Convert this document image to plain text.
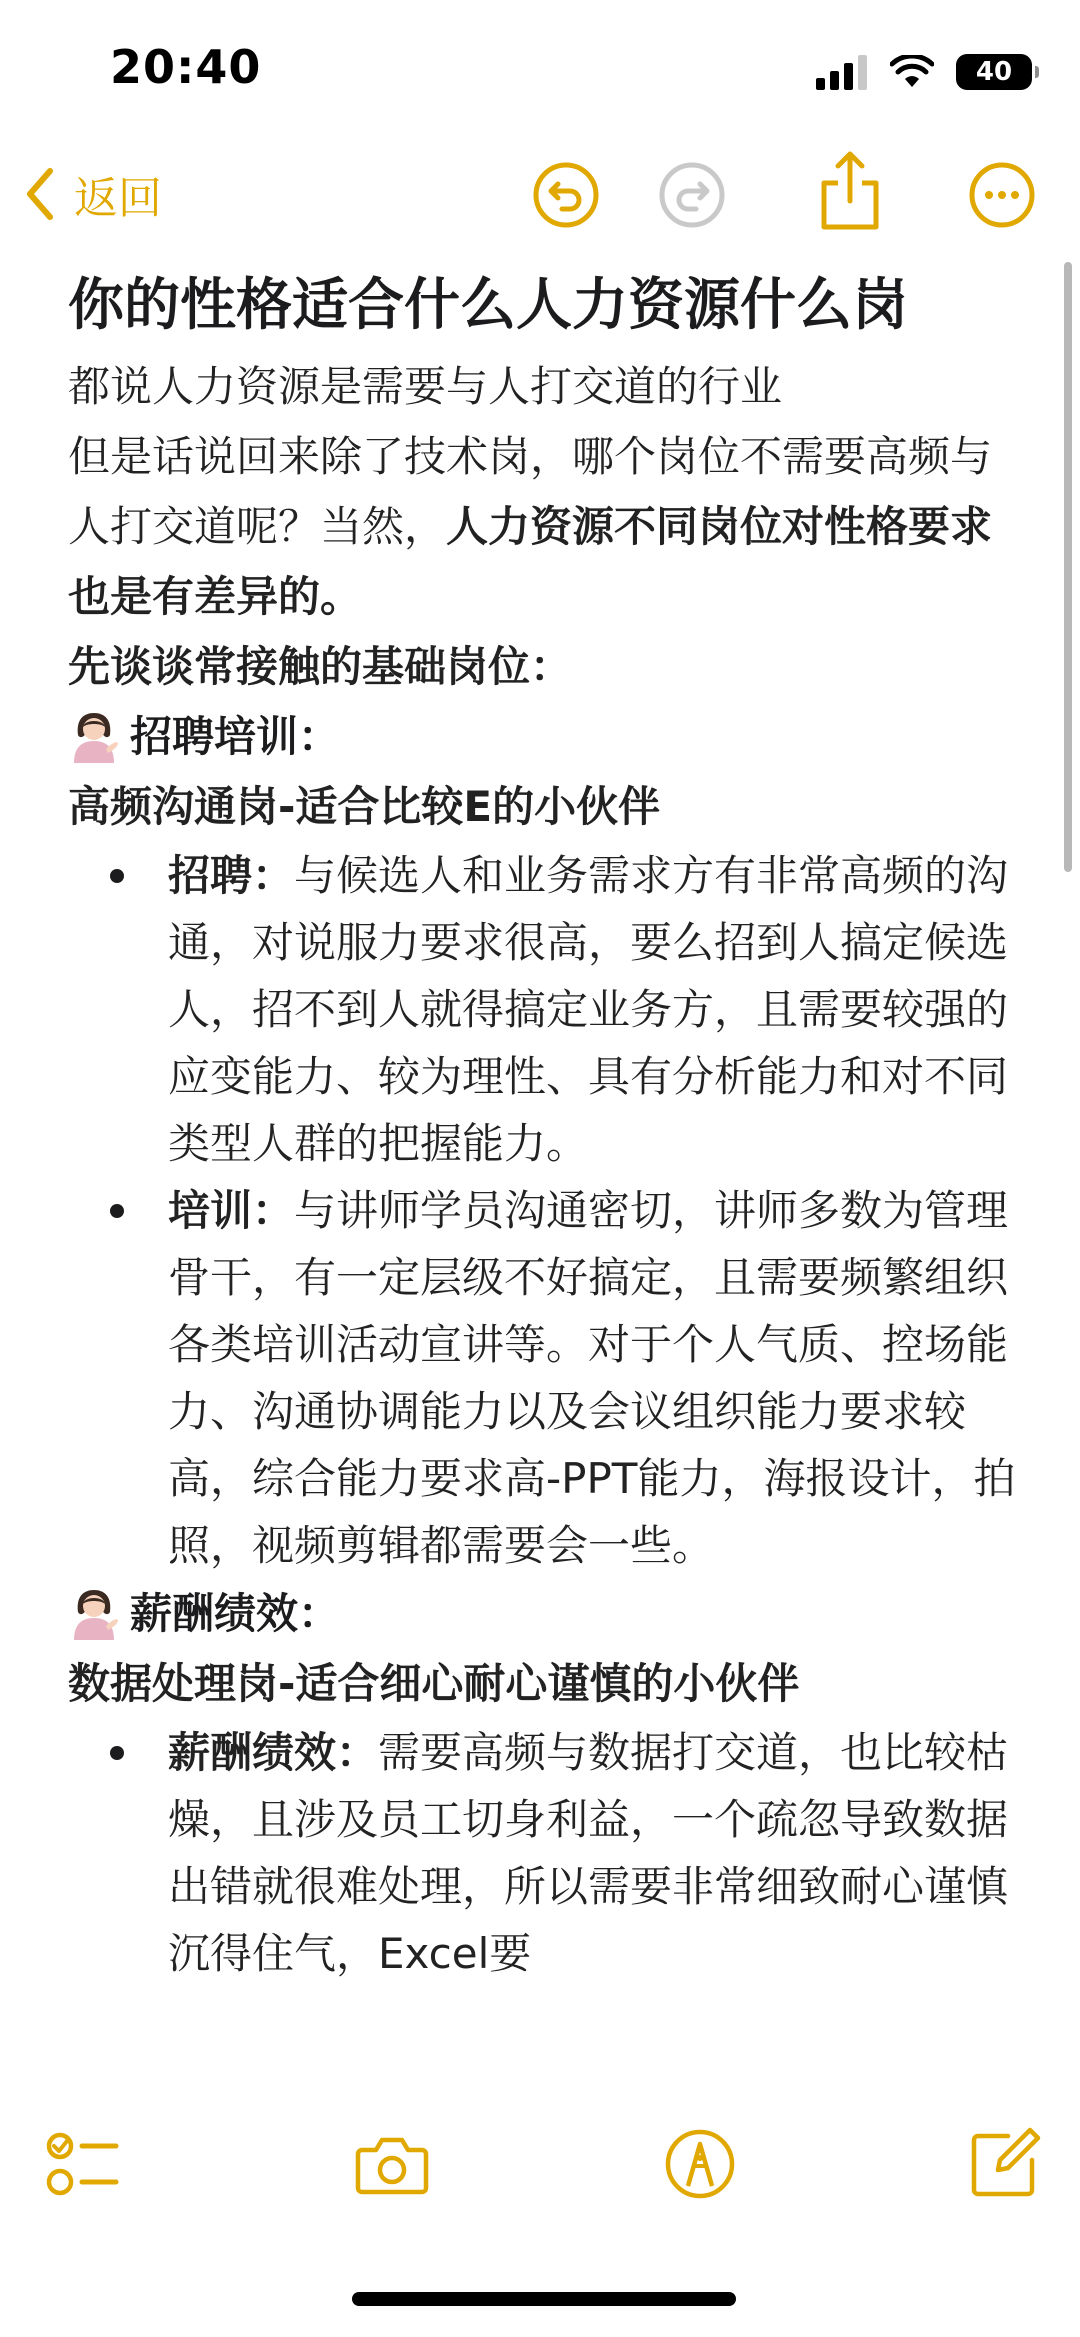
20:40	40
返回
你的性格适合什么人力资源什么岗

都说人力资源是需要与人打交道的行业

但是话说回来除了技术岗，哪个岗位不需要高频与人打交道呢？当然，人力资源不同岗位对性格要求也是有差异的。

先谈谈常接触的基础岗位：

招聘培训：

高频沟通岗-适合比较E的小伙伴

招聘：与候选人和业务需求方有非常高频的沟通，对说服力要求很高，要么招到人搞定候选人，招不到人就得搞定业务方，且需要较强的应变能力、较为理性、具有分析能力和对不同类型人群的把握能力。
培训：与讲师学员沟通密切，讲师多数为管理骨干，有一定层级不好搞定，且需要频繁组织各类培训活动宣讲等。对于个人气质、控场能力、沟通协调能力以及会议组织能力要求较高，综合能力要求高-PPT能力，海报设计，拍照，视频剪辑都需要会一些。
薪酬绩效：

数据处理岗-适合细心耐心谨慎的小伙伴

薪酬绩效：需要高频与数据打交道，也比较枯燥，且涉及员工切身利益，一个疏忽导致数据出错就很难处理，所以需要非常细致耐心谨慎沉得住气，Excel要
